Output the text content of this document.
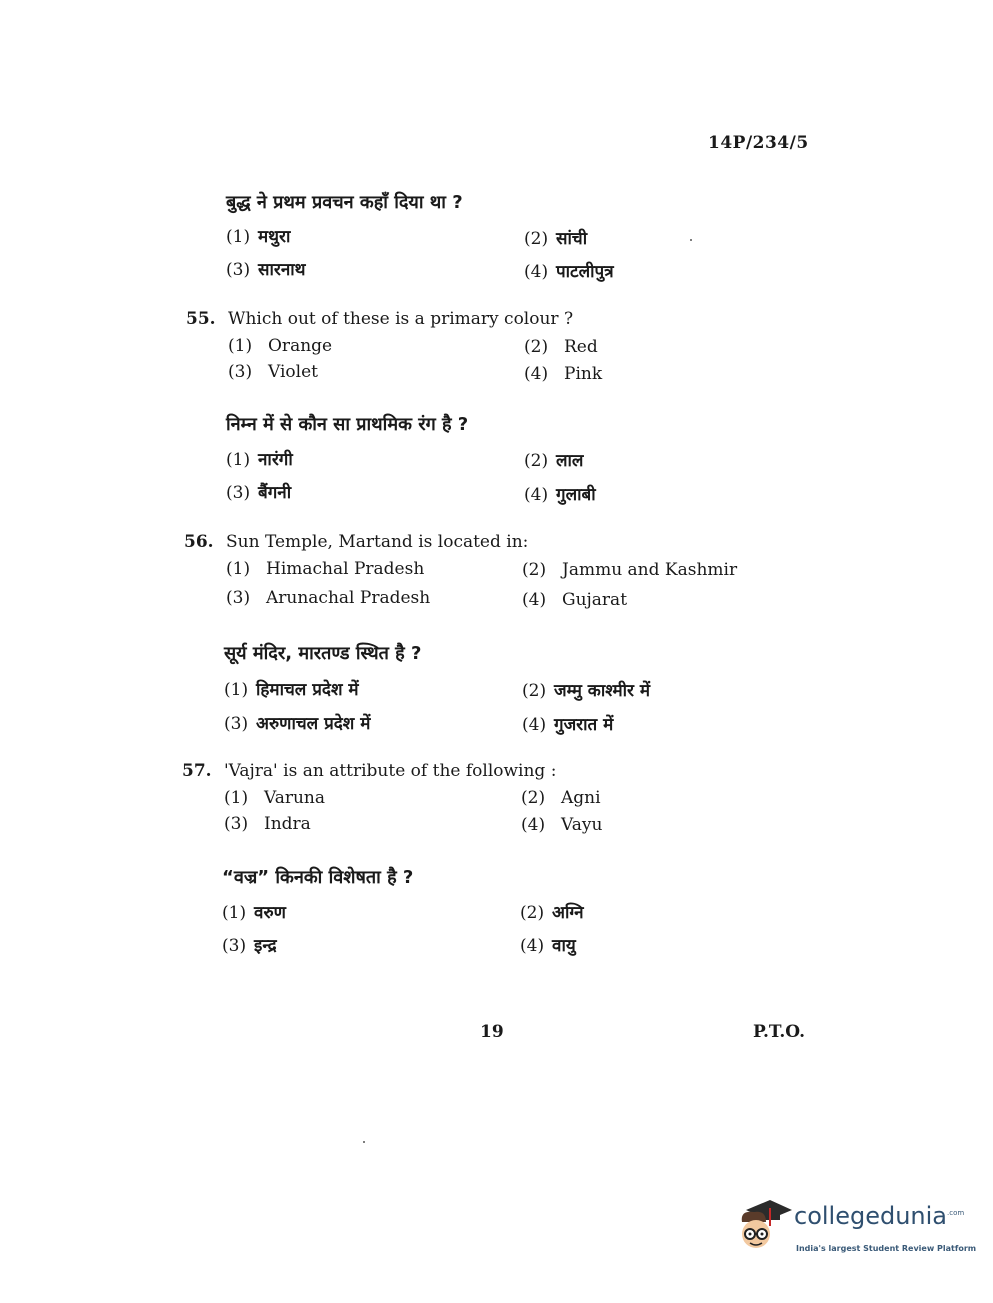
14P/234/5
बुद्ध ने प्रथम प्रवचन कहाँ दिया था ?
(1) मथुरा	(2) सांची
(3) सारनाथ	(4) पाटलीपुत्र
55. Which out of these is a primary colour ?
(1) Orange	(2) Red
(3) Violet	(4) Pink
निम्न में से कौन सा प्राथमिक रंग है ?
(1) नारंगी	(2) लाल
(3) बैंगनी	(4) गुलाबी
56. Sun Temple, Martand is located in:
(1) Himachal Pradesh	(2) Jammu and Kashmir
(3) Arunachal Pradesh	(4) Gujarat
सूर्य मंदिर, मारतण्ड स्थित है ?
(1) हिमाचल प्रदेश में	(2) जम्मु काश्मीर में
(3) अरुणाचल प्रदेश में	(4) गुजरात में
57. 'Vajra' is an attribute of the following :
(1) Varuna	(2) Agni
(3) Indra	(4) Vayu
“वज्र” किनकी विशेषता है ?
(1) वरुण	(2) अग्नि
(3) इन्द्र	(4) वायु
19	P.T.O.
collegedunia$^{.com}$
India's largest Student Review Platform
